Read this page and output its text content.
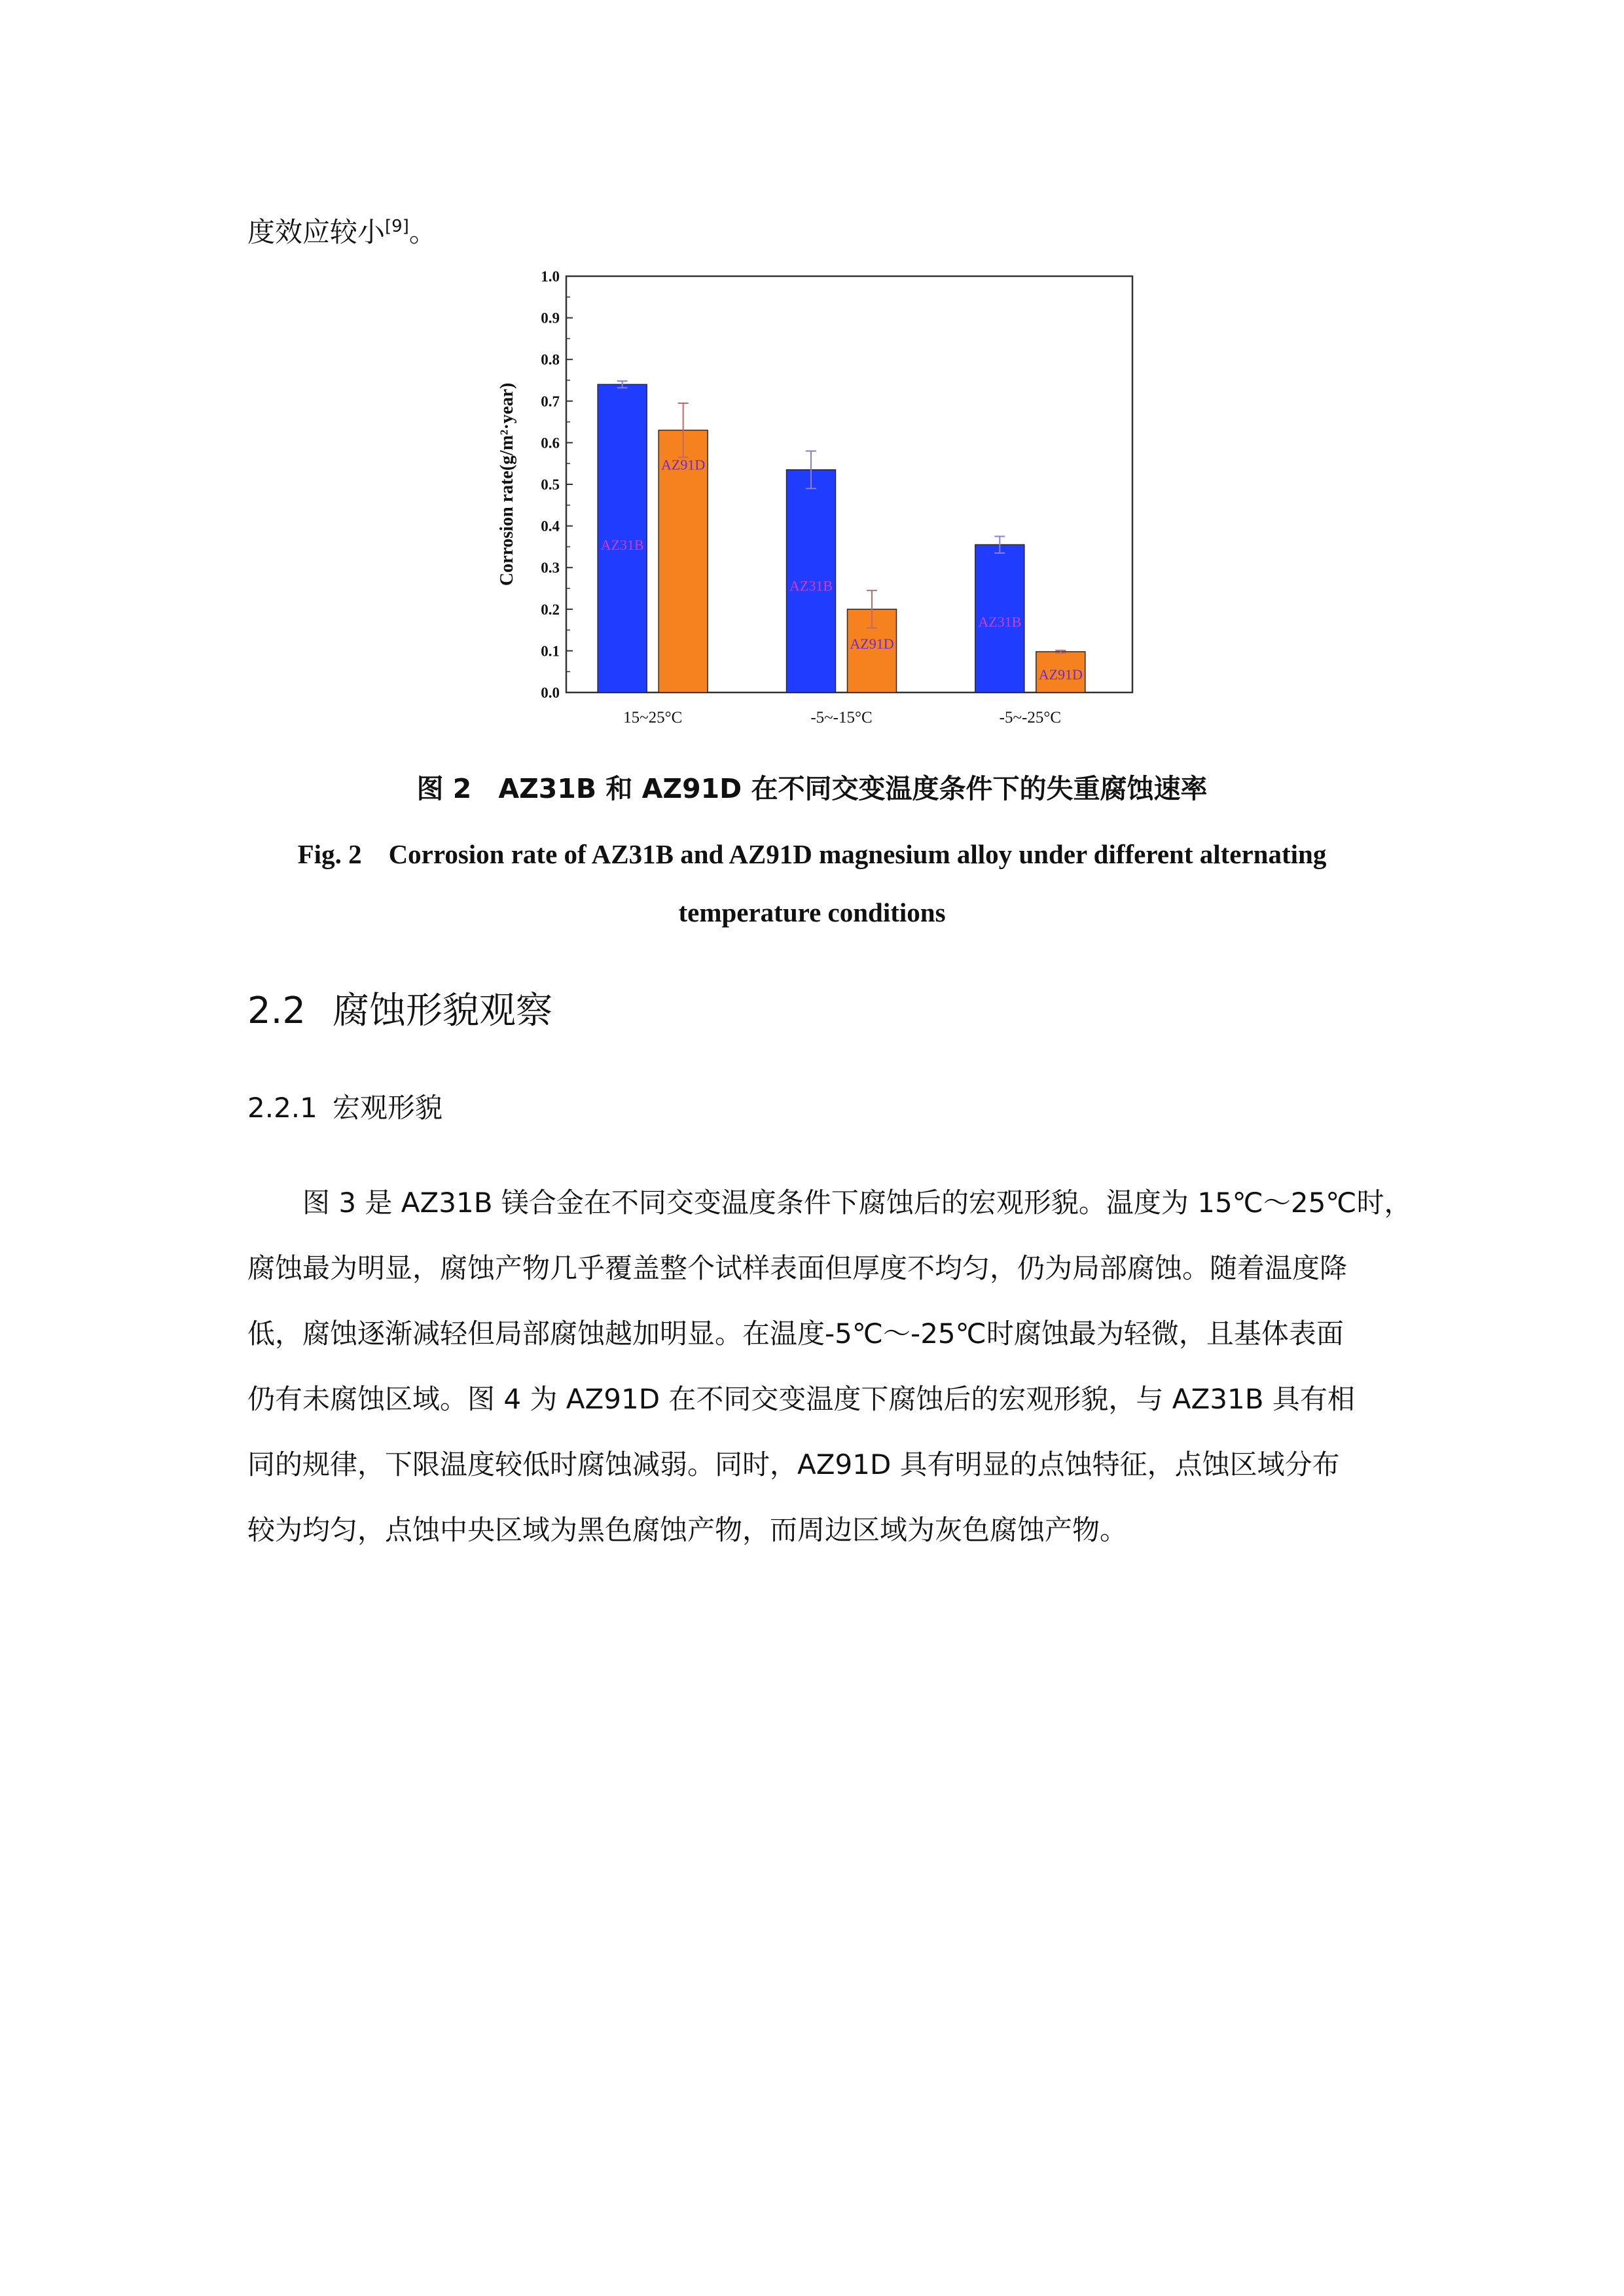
度效应较小[9]。
0.0
0.1
0.2
0.3
0.4
0.5
0.6
0.7
0.8
0.9
1.0
Corrosion rate(g/m²·year)	AZ31B
AZ91D
15~25°C
AZ31B
AZ91D
-5~-15°C
AZ31B
AZ91D
-5~-25°C
图 2　AZ31B 和 AZ91D 在不同交变温度条件下的失重腐蚀速率
Fig. 2　Corrosion rate of AZ31B and AZ91D magnesium alloy under different alternating
temperature conditions
2.2 腐蚀形貌观察
2.2.1 宏观形貌
图 3 是 AZ31B 镁合金在不同交变温度条件下腐蚀后的宏观形貌。温度为 15℃～25℃时，
腐蚀最为明显，腐蚀产物几乎覆盖整个试样表面但厚度不均匀，仍为局部腐蚀。随着温度降
低，腐蚀逐渐减轻但局部腐蚀越加明显。在温度-5℃～-25℃时腐蚀最为轻微，且基体表面
仍有未腐蚀区域。图 4 为 AZ91D 在不同交变温度下腐蚀后的宏观形貌，与 AZ31B 具有相
同的规律，下限温度较低时腐蚀减弱。同时，AZ91D 具有明显的点蚀特征，点蚀区域分布
较为均匀，点蚀中央区域为黑色腐蚀产物，而周边区域为灰色腐蚀产物。
